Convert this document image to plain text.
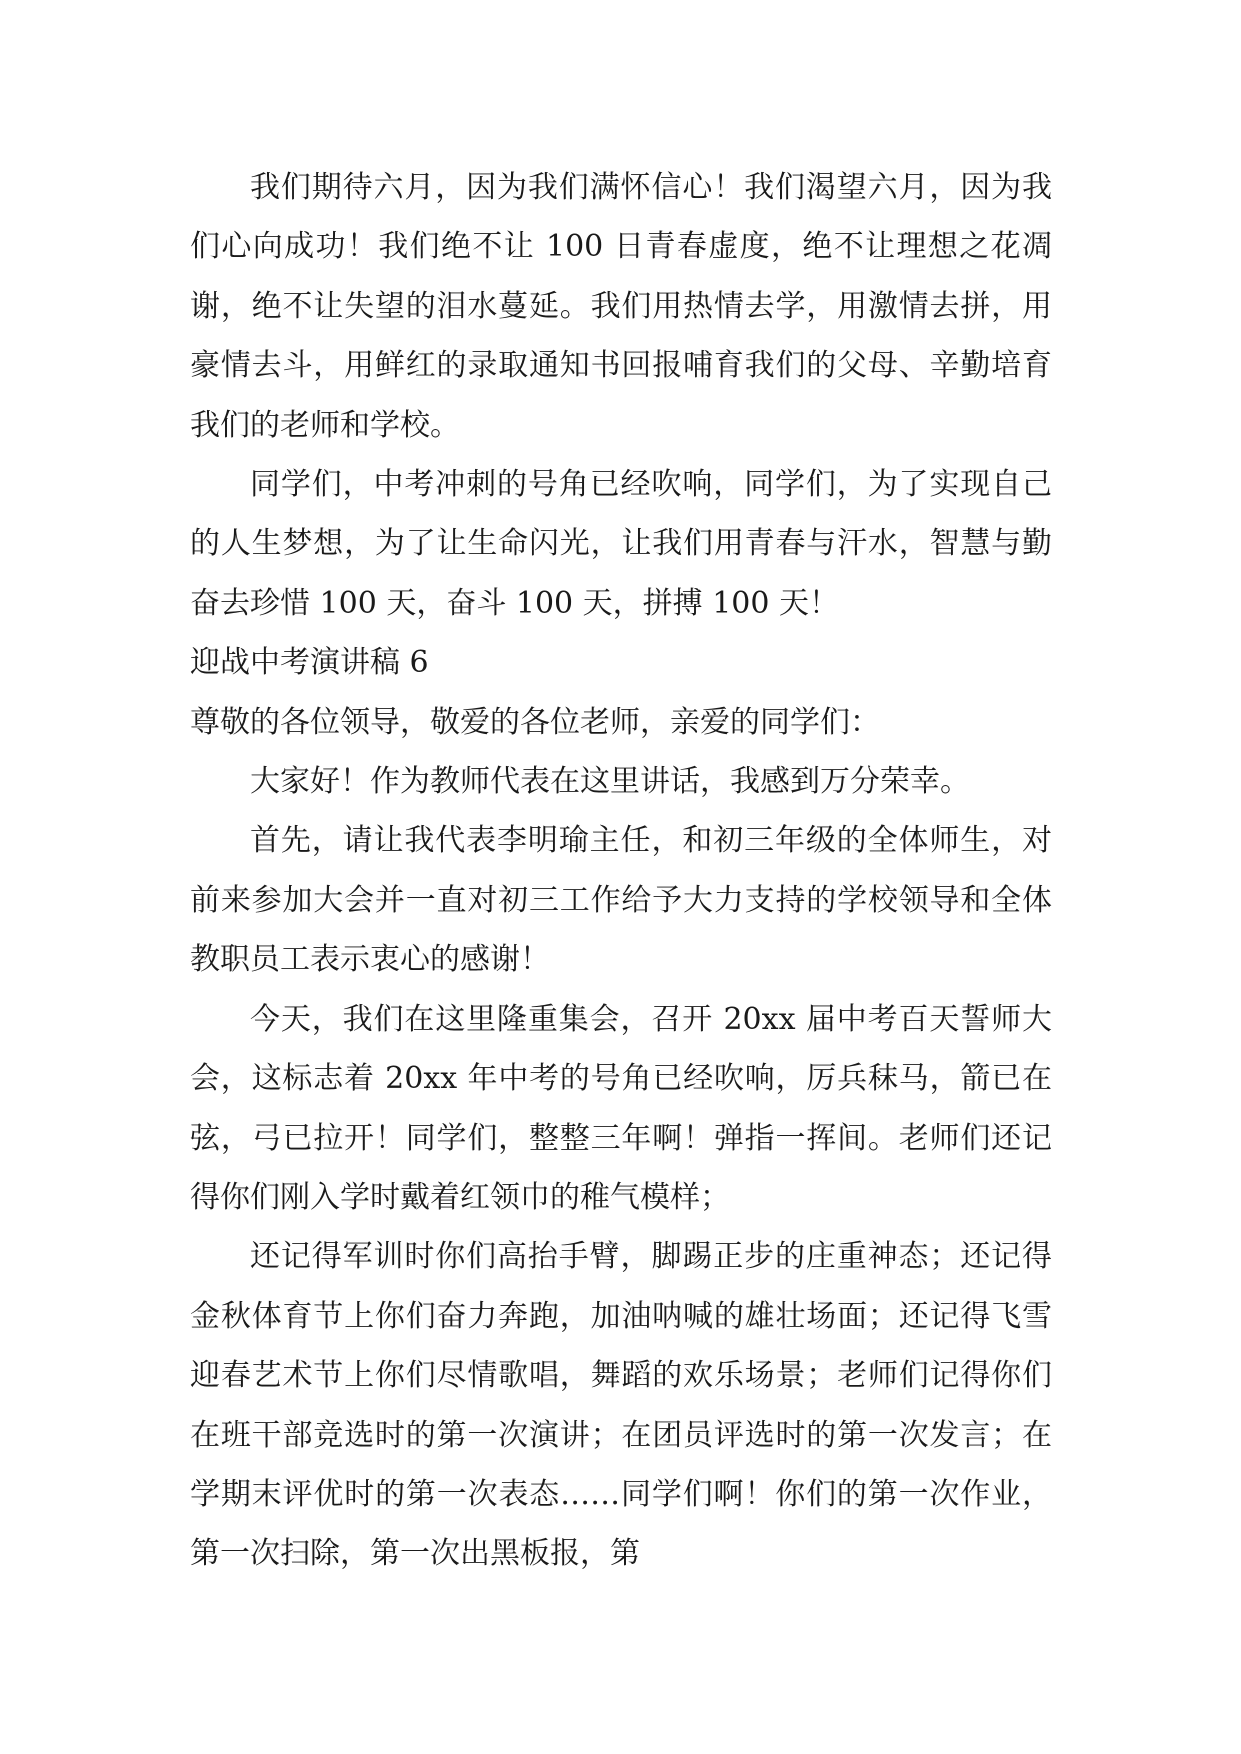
我们期待六月，因为我们满怀信心！我们渴望六月，因为我们心向成功！我们绝不让 100 日青春虚度，绝不让理想之花凋谢，绝不让失望的泪水蔓延。我们用热情去学，用激情去拼，用豪情去斗，用鲜红的录取通知书回报哺育我们的父母、辛勤培育我们的老师和学校。

同学们，中考冲刺的号角已经吹响，同学们，为了实现自己的人生梦想，为了让生命闪光，让我们用青春与汗水，智慧与勤奋去珍惜 100 天，奋斗 100 天，拼搏 100 天！

迎战中考演讲稿 6

尊敬的各位领导，敬爱的各位老师，亲爱的同学们：

大家好！作为教师代表在这里讲话，我感到万分荣幸。

首先，请让我代表李明瑜主任，和初三年级的全体师生，对前来参加大会并一直对初三工作给予大力支持的学校领导和全体教职员工表示衷心的感谢！

今天，我们在这里隆重集会，召开 20xx 届中考百天誓师大会，这标志着 20xx 年中考的号角已经吹响，厉兵秣马，箭已在弦，弓已拉开！同学们，整整三年啊！弹指一挥间。老师们还记得你们刚入学时戴着红领巾的稚气模样；

还记得军训时你们高抬手臂，脚踢正步的庄重神态；还记得金秋体育节上你们奋力奔跑，加油呐喊的雄壮场面；还记得飞雪迎春艺术节上你们尽情歌唱，舞蹈的欢乐场景；老师们记得你们在班干部竞选时的第一次演讲；在团员评选时的第一次发言；在学期末评优时的第一次表态……同学们啊！你们的第一次作业，第一次扫除，第一次出黑板报，第
